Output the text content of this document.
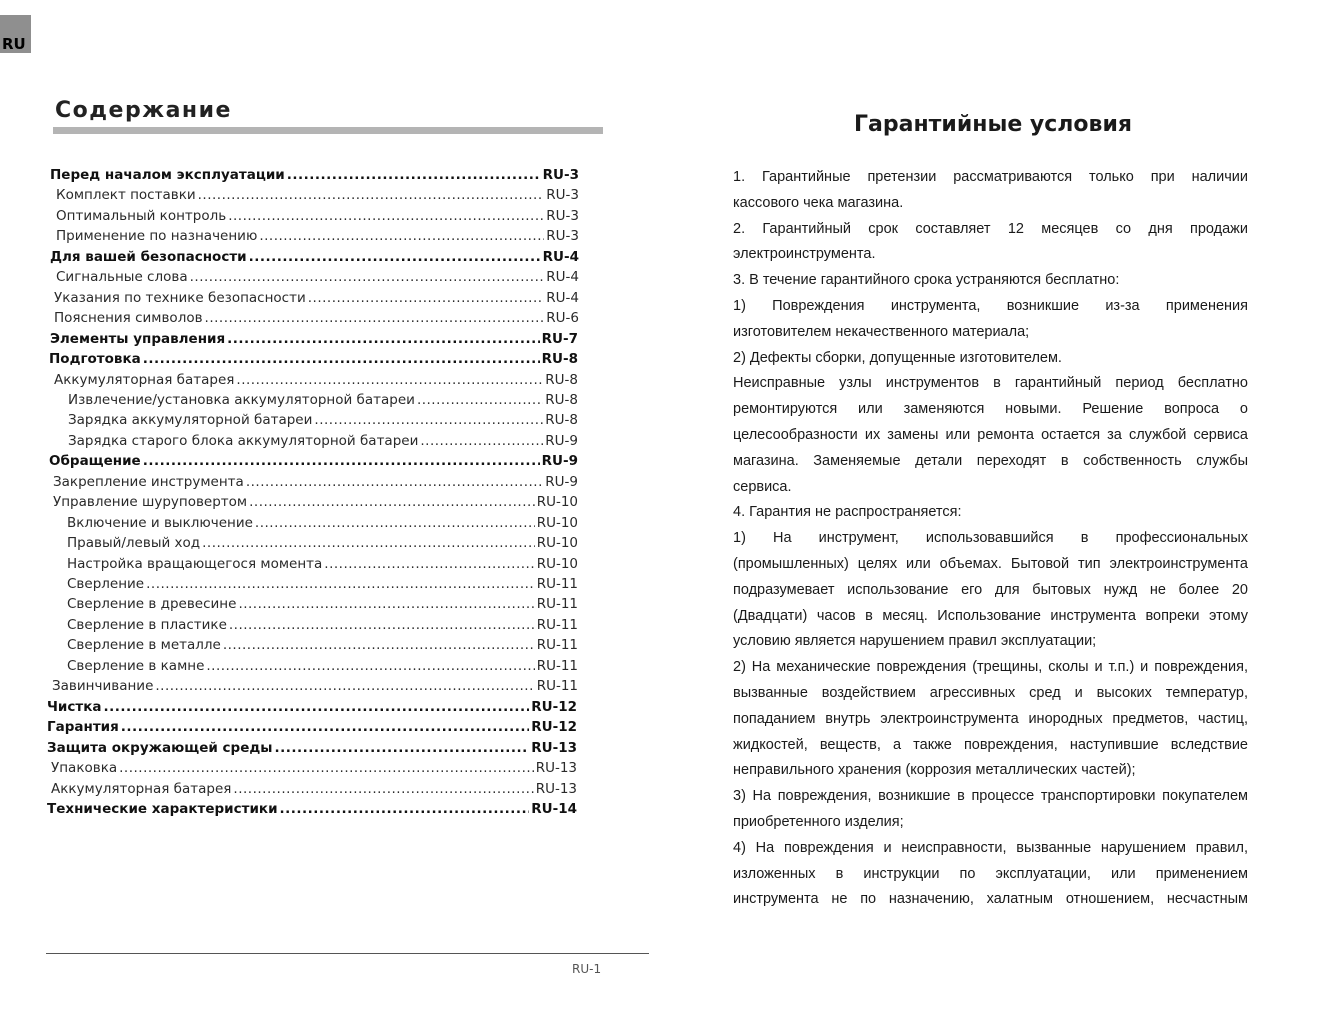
RU
Содержание
Перед началом эксплуатации .....	RU-3
Комплект поставки .....	RU-3
Оптимальный контроль .....	RU-3
Применение по назначению .....	RU-3
Для вашей безопасности .....	RU-4
Сигнальные слова .....	RU-4
Указания по технике безопасности .....	RU-4
Пояснения символов .....	RU-6
Элементы управления .....	RU-7
Подготовка .....	RU-8
Аккумуляторная батарея .....	RU-8
Извлечение/установка аккумуляторной батареи .....	RU-8
Зарядка аккумуляторной батареи .....	RU-8
Зарядка старого блока аккумуляторной батареи .....	RU-9
Обращение .....	RU-9
Закрепление инструмента .....	RU-9
Управление шуруповертом .....	RU-10
Включение и выключение .....	RU-10
Правый/левый ход .....	RU-10
Настройка вращающегося момента .....	RU-10
Сверление .....	RU-11
Сверление в древесине .....	RU-11
Сверление в пластике .....	RU-11
Сверление в металле .....	RU-11
Сверление в камне .....	RU-11
Завинчивание .....	RU-11
Чистка .....	RU-12
Гарантия .....	RU-12
Защита окружающей среды .....	RU-13
Упаковка .....	RU-13
Аккумуляторная батарея .....	RU-13
Технические характеристики .....	RU-14
RU-1
Гарантийные условия
1. Гарантийные претензии рассматриваются только при наличии
кассового чека магазина.
2. Гарантийный срок составляет 12 месяцев со дня продажи
электроинструмента.
3. В течение гарантийного срока устраняются бесплатно:
1) Повреждения инструмента, возникшие из-за применения
изготовителем некачественного материала;
2) Дефекты сборки, допущенные изготовителем.
Неисправные узлы инструментов в гарантийный период бесплатно
ремонтируются или заменяются новыми. Решение вопроса о
целесообразности их замены или ремонта остается за службой сервиса
магазина. Заменяемые детали переходят в собственность службы
сервиса.
4. Гарантия не распространяется:
1) На инструмент, использовавшийся в профессиональных
(промышленных) целях или объемах. Бытовой тип электроинструмента
подразумевает использование его для бытовых нужд не более 20
(Двадцати) часов в месяц. Использование инструмента вопреки этому
условию является нарушением правил эксплуатации;
2) На механические повреждения (трещины, сколы и т.п.) и повреждения,
вызванные воздействием агрессивных сред и высоких температур,
попаданием внутрь электроинструмента инородных предметов, частиц,
жидкостей, веществ, а также повреждения, наступившие вследствие
неправильного хранения (коррозия металлических частей);
3) На повреждения, возникшие в процессе транспортировки покупателем
приобретенного изделия;
4) На повреждения и неисправности, вызванные нарушением правил,
изложенных в инструкции по эксплуатации, или применением
инструмента не по назначению, халатным отношением, несчастным
